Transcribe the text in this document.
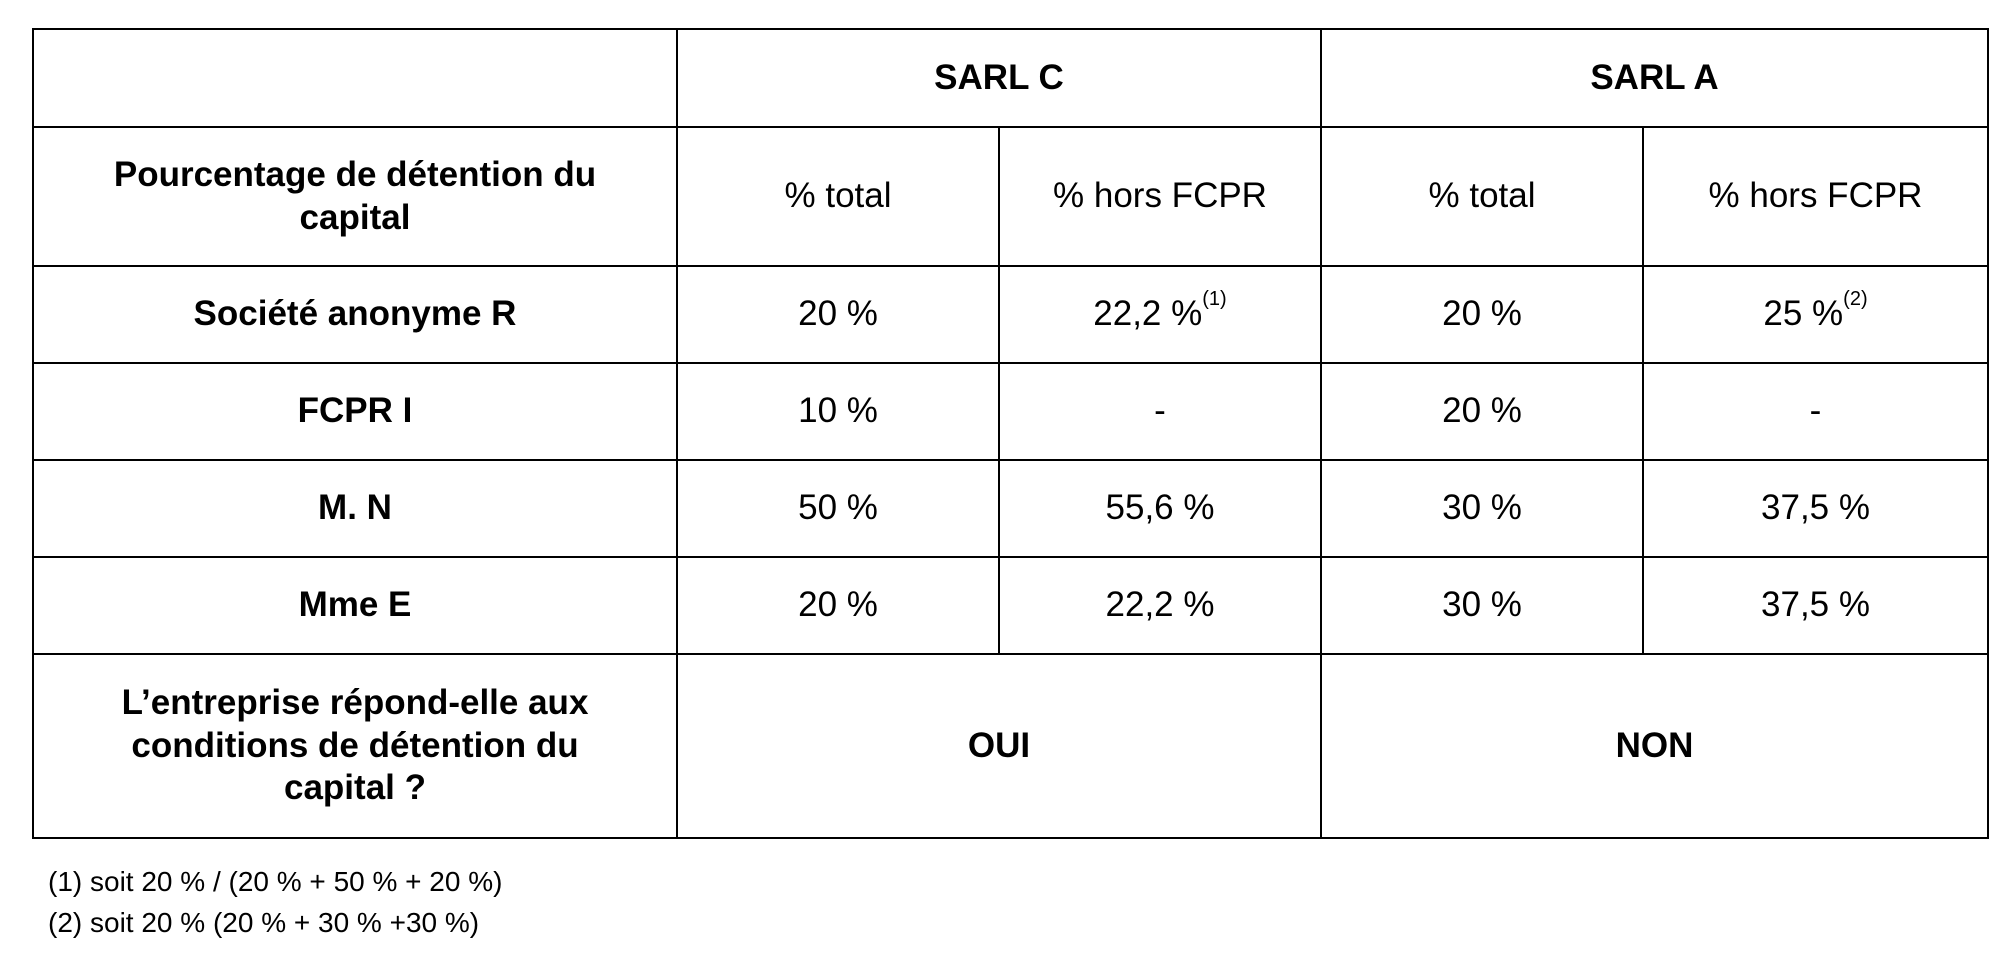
	SARL C		SARL A	
Pourcentage de détention du capital	% total	% hors FCPR	% total	% hors FCPR
Société anonyme R	20 %	22,2 %$^{(1)}$	20 %	25 %$^{(2)}$
FCPR I	10 %	-	20 %	-
M. N	50 %	55,6 %	30 %	37,5 %
Mme E	20 %	22,2 %	30 %	37,5 %
L’entreprise répond-elle aux conditions de détention du capital ?	OUI		NON	
(1) soit 20 % / (20 % + 50 % + 20 %)
(2) soit 20 % (20 % + 30 % +30 %)
